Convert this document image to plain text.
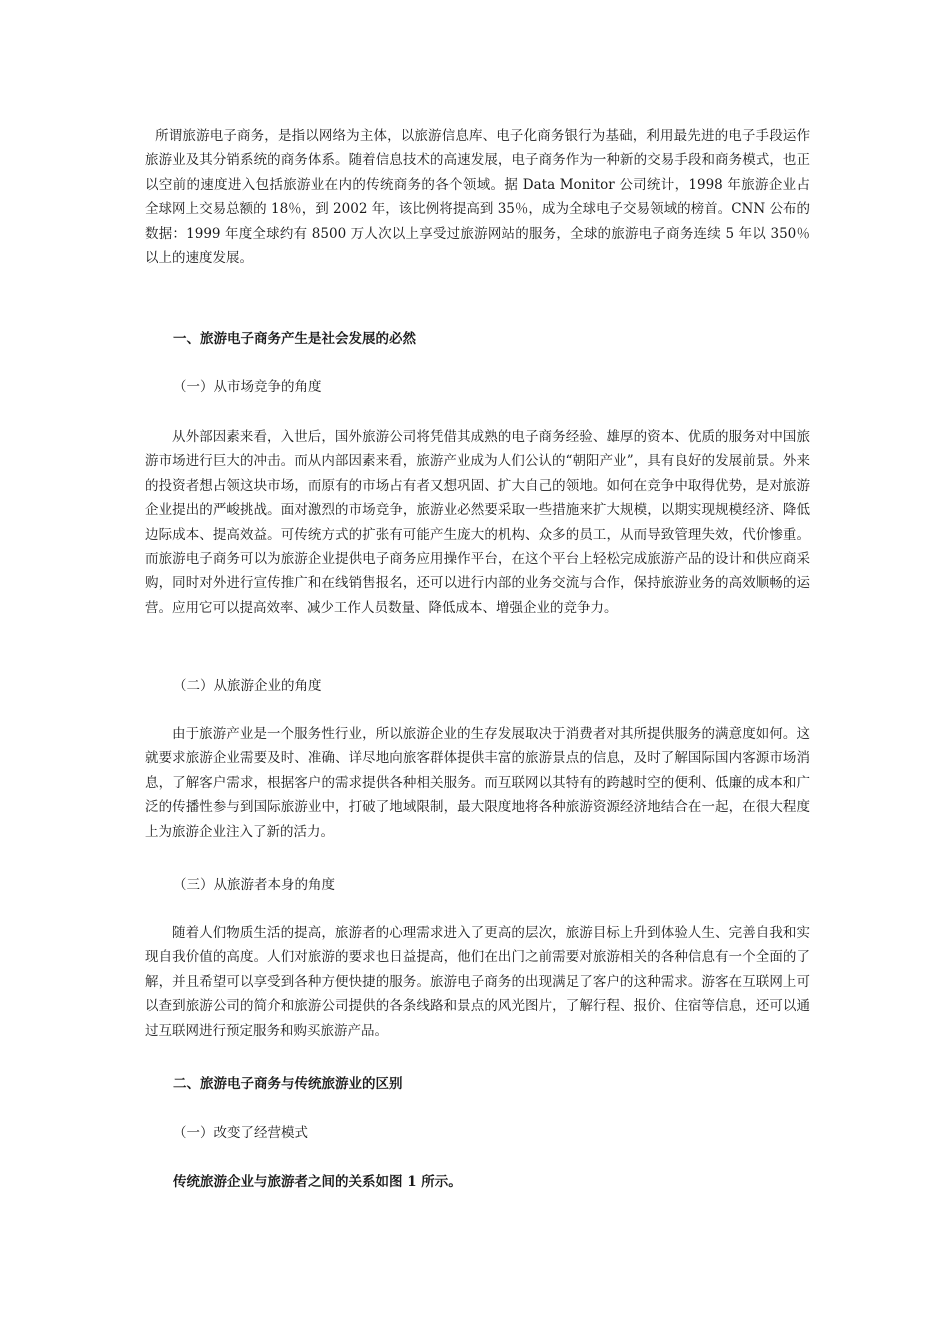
所谓旅游电子商务，是指以网络为主体，以旅游信息库、电子化商务银行为基础，利用最先进的电子手段运作旅游业及其分销系统的商务体系。随着信息技术的高速发展，电子商务作为一种新的交易手段和商务模式，也正以空前的速度进入包括旅游业在内的传统商务的各个领域。据 Data Monitor 公司统计，1998 年旅游企业占全球网上交易总额的 18％，到 2002 年，该比例将提高到 35％，成为全球电子交易领域的榜首。CNN 公布的数据：1999 年度全球约有 8500 万人次以上享受过旅游网站的服务，全球的旅游电子商务连续 5 年以 350％以上的速度发展。

一、旅游电子商务产生是社会发展的必然

（一）从市场竞争的角度

从外部因素来看，入世后，国外旅游公司将凭借其成熟的电子商务经验、雄厚的资本、优质的服务对中国旅游市场进行巨大的冲击。而从内部因素来看，旅游产业成为人们公认的“朝阳产业”，具有良好的发展前景。外来的投资者想占领这块市场，而原有的市场占有者又想巩固、扩大自己的领地。如何在竞争中取得优势，是对旅游企业提出的严峻挑战。面对激烈的市场竞争，旅游业必然要采取一些措施来扩大规模，以期实现规模经济、降低边际成本、提高效益。可传统方式的扩张有可能产生庞大的机构、众多的员工，从而导致管理失效，代价惨重。而旅游电子商务可以为旅游企业提供电子商务应用操作平台，在这个平台上轻松完成旅游产品的设计和供应商采购，同时对外进行宣传推广和在线销售报名，还可以进行内部的业务交流与合作，保持旅游业务的高效顺畅的运营。应用它可以提高效率、减少工作人员数量、降低成本、增强企业的竞争力。

（二）从旅游企业的角度

由于旅游产业是一个服务性行业，所以旅游企业的生存发展取决于消费者对其所提供服务的满意度如何。这就要求旅游企业需要及时、准确、详尽地向旅客群体提供丰富的旅游景点的信息，及时了解国际国内客源市场消息，了解客户需求，根据客户的需求提供各种相关服务。而互联网以其特有的跨越时空的便利、低廉的成本和广泛的传播性参与到国际旅游业中，打破了地域限制，最大限度地将各种旅游资源经济地结合在一起，在很大程度上为旅游企业注入了新的活力。

（三）从旅游者本身的角度

随着人们物质生活的提高，旅游者的心理需求进入了更高的层次，旅游目标上升到体验人生、完善自我和实现自我价值的高度。人们对旅游的要求也日益提高，他们在出门之前需要对旅游相关的各种信息有一个全面的了解，并且希望可以享受到各种方便快捷的服务。旅游电子商务的出现满足了客户的这种需求。游客在互联网上可以查到旅游公司的简介和旅游公司提供的各条线路和景点的风光图片，了解行程、报价、住宿等信息，还可以通过互联网进行预定服务和购买旅游产品。

二、旅游电子商务与传统旅游业的区别

（一）改变了经营模式

传统旅游企业与旅游者之间的关系如图 1 所示。
